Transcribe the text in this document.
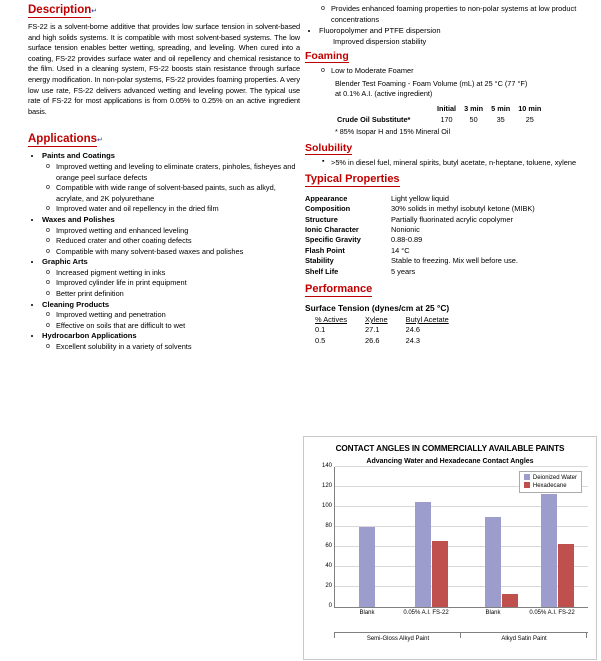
Description↵

FS-22 is a solvent-borne additive that provides low surface tension in solvent-based and high solids systems. It is compatible with most solvent-based systems. The low surface tension enables better wetting, spreading, and leveling. When cured into a coating, FS-22 provides surface water and oil repellency and chemical resistance to the film. Used in a cleaning system, FS-22 boosts stain resistance through surface energy modification. In non-polar systems, FS-22 provides foaming properties. A very low use rate, FS-22 delivers advanced wetting and leveling power. The typical use rate of FS-22 for most applications is from 0.05% to 0.25% on an active ingredient basis.

Applications↵
• Paints and Coatings
o Improved wetting and leveling to eliminate craters, pinholes, fisheyes and orange peel surface defects
o Compatible with wide range of solvent-based paints, such as alkyd, acrylate, and 2K polyurethane
o Improved water and oil repellency in the dried film
• Waxes and Polishes
o Improved wetting and enhanced leveling
o Reduced crater and other coating defects
o Compatible with many solvent-based waxes and polishes
• Graphic Arts
o Increased pigment wetting in inks
o Improved cylinder life in print equipment
o Better print definition
• Cleaning Products
o Improved wetting and penetration
o Effective on soils that are difficult to wet
• Hydrocarbon Applications
o Excellent solubility in a variety of solvents
o Provides enhanced foaming properties to non-polar systems at low product concentrations
• Fluoropolymer and PTFE dispersion
Improved dispersion stability
Foaming
o Low to Moderate Foamer
Blender Test Foaming - Foam Volume (mL) at 25 °C (77 °F)
at 0.1% A.I. (active ingredient)
	Initial	3 min	5 min	10 min
Crude Oil Substitute*	170	50	35	25
* 85% Isopar H and 15% Mineral Oil
Solubility
▪ >5% in diesel fuel, mineral spirits, butyl acetate, n-heptane, toluene, xylene
Typical Properties
Appearance	Light yellow liquid
Composition	30% solids in methyl isobutyl ketone (MIBK)
Structure	Partially fluorinated acrylic copolymer
Ionic Character	Nonionic
Specific Gravity	0.88-0.89
Flash Point	14 °C
Stability	Stable to freezing. Mix well before use.
Shelf Life	5 years
Performance
Surface Tension (dynes/cm at 25 °C)
% Actives	Xylene	Butyl Acetate
0.1	27.1	24.6
0.5	26.6	24.3
CONTACT ANGLES IN COMMERCIALLY AVAILABLE PAINTS
Advancing Water and Hexadecane Contact Angles
140
120
100
80
60
40
20
0
Deionized Water
Hexadecane
Blank	0.05% A.I. FS-22	Blank	0.05% A.I. FS-22
Semi-Gloss Alkyd Paint	Alkyd Satin Paint
